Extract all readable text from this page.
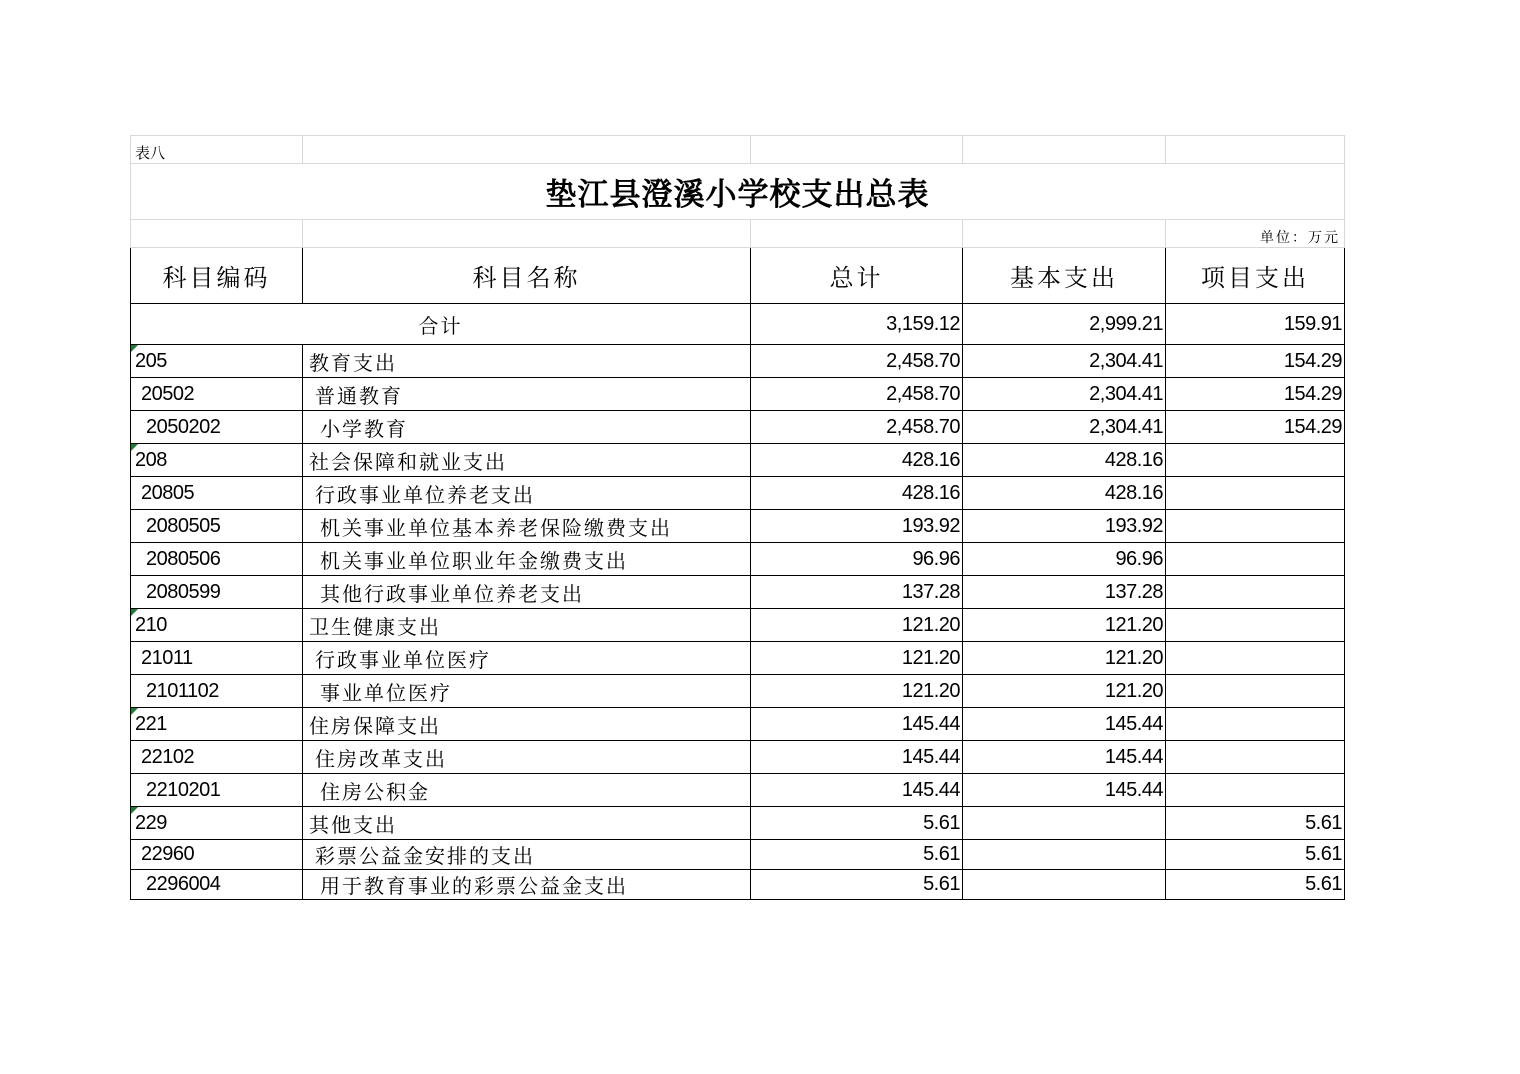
表八				
垫江县澄溪小学校支出总表				
				单位：万元
科目编码	科目名称	总计	基本支出	项目支出
合计		3,159.12	2,999.21	159.91

205	教育支出	2,458.70	2,304.41	154.29
20502	普通教育	2,458.70	2,304.41	154.29
2050202	小学教育	2,458.70	2,304.41	154.29

208	社会保障和就业支出	428.16	428.16	
20805	行政事业单位养老支出	428.16	428.16	
2080505	机关事业单位基本养老保险缴费支出	193.92	193.92	
2080506	机关事业单位职业年金缴费支出	96.96	96.96	
2080599	其他行政事业单位养老支出	137.28	137.28	

210	卫生健康支出	121.20	121.20	
21011	行政事业单位医疗	121.20	121.20	
2101102	事业单位医疗	121.20	121.20	

221	住房保障支出	145.44	145.44	
22102	住房改革支出	145.44	145.44	
2210201	住房公积金	145.44	145.44	

229	其他支出	5.61		5.61
22960	彩票公益金安排的支出	5.61		5.61
2296004	用于教育事业的彩票公益金支出	5.61		5.61
